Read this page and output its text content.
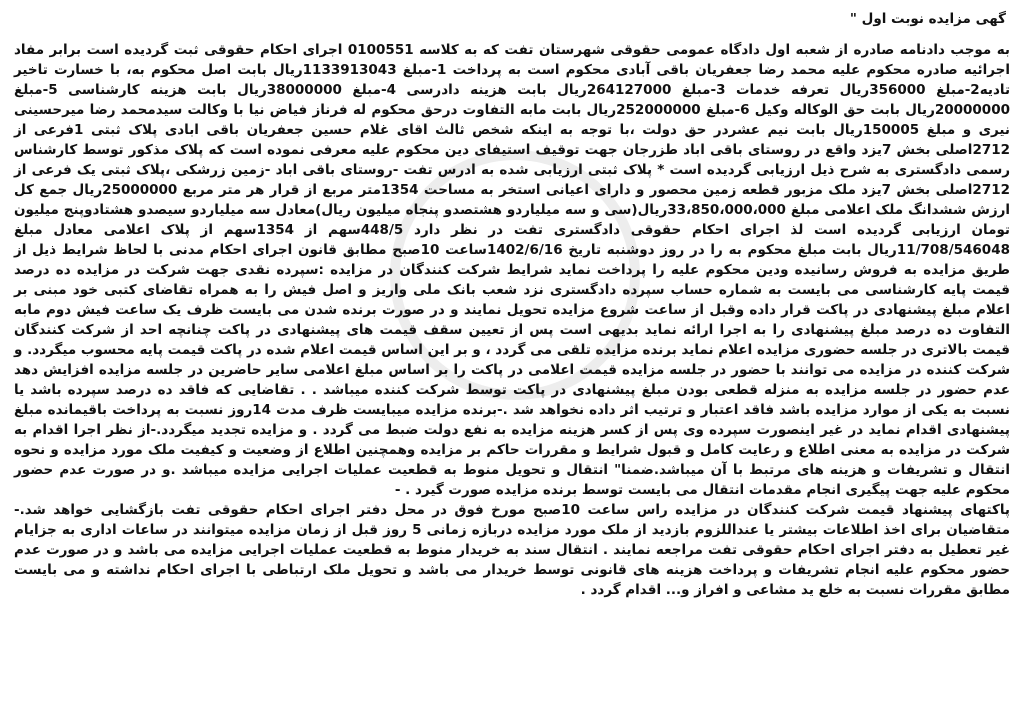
گهی مزایده نوبت اول "

به موجب دادنامه صادره از شعبه اول دادگاه عمومی حقوقی شهرستان تفت که به کلاسه 0100551 اجرای احکام حقوقی ثبت گردیده است برابر مفاد اجرائیه صادره محکوم علیه محمد رضا جعفریان باقی آبادی محکوم است به پرداخت 1-مبلغ 1133913043ریال بابت اصل محکوم به، با خسارت تاخیر تادیه2-مبلغ 356000ریال تعرفه خدمات 3-مبلغ 264127000ریال بابت هزینه دادرسی 4-مبلغ 38000000ریال بابت هزینه کارشناسی 5-مبلغ 20000000ریال بابت حق الوکاله وکیل 6-مبلغ 252000000ریال بابت مابه التفاوت درحق محکوم له فرناز فیاض نیا با وکالت سیدمحمد رضا میرحسینی نیری و مبلغ 150005ریال بابت نیم عشردر حق دولت ،با توجه به اینکه شخص ثالث اقای غلام حسین جعفریان باقی ابادی پلاک ثبتی 1فرعی از 2712اصلی بخش 7یزد واقع در روستای باقی اباد طزرجان جهت توقیف استیفای دین محکوم علیه معرفی نموده است که پلاک مذکور توسط کارشناس رسمی دادگستری به شرح ذیل ارزیابی گردیده است * پلاک ثبتی ارزیابی شده به ادرس تفت -روستای باقی اباد -زمین زرشکی ،پلاک ثبتی یک فرعی از 2712اصلی بخش 7یزد ملک مزبور قطعه زمین محصور و دارای اعیانی استخر به مساحت 1354متر مربع از قرار هر متر مربع 25000000ریال جمع کل ارزش ششدانگ ملک اعلامی مبلغ 33،850،000،000ریال(سی و سه میلیاردو هشتصدو پنجاه میلیون ریال)معادل سه میلیاردو سیصدو هشتادوپنج میلیون تومان ارزیابی گردیده است لذ اجرای احکام حقوقی دادگستری تفت در نظر دارد 448/5سهم از 1354سهم از پلاک اعلامی معادل مبلغ 11/708/546048ریال بابت مبلغ محکوم به را در روز دوشنبه تاریخ 1402/6/16ساعت 10صبح مطابق قانون اجرای احکام مدنی با لحاظ شرایط ذیل از طریق مزایده به فروش رسانیده ودین محکوم علیه را پرداخت نماید شرایط شرکت کنندگان در مزایده :سپرده نقدی جهت شرکت در مزایده ده درصد قیمت پایه کارشناسی می بایست به شماره حساب سپرده دادگستری نزد شعب بانک ملی واریز و اصل فیش را به همراه تقاضای کتبی خود مبنی بر اعلام مبلغ پیشنهادی در پاکت قرار داده وقبل از ساعت شروع مزایده تحویل نمایند و در صورت برنده شدن می بایست ظرف یک ساعت فیش دوم مابه التفاوت ده درصد مبلغ پیشنهادی را به اجرا ارائه نماید بدیهی است پس از تعیین سقف قیمت های پیشنهادی در پاکت چنانچه احد از شرکت کنندگان قیمت بالاتری در جلسه حضوری مزایده اعلام نماید برنده مزایده تلقی می گردد ، و بر این اساس قیمت اعلام شده در پاکت قیمت پایه محسوب میگردد. و شرکت کننده در مزایده می توانند با حضور در جلسه مزایده قیمت اعلامی در پاکت را بر اساس مبلغ اعلامی سایر حاضرین در جلسه مزایده افزایش دهد عدم حضور در جلسه مزایده به منزله قطعی بودن مبلغ پیشنهادی در پاکت توسط شرکت کننده میباشد . . تقاضایی که فاقد ده درصد سپرده باشد یا نسبت به یکی از موارد مزایده باشد فاقد اعتبار و ترتیب اثر داده نخواهد شد .-برنده مزایده میبایست ظرف مدت 14روز نسبت به پرداخت باقیمانده مبلغ پیشنهادی اقدام نماید در غیر اینصورت سپرده وی پس از کسر هزینه مزایده به نفع دولت ضبط می گردد . و مزایده تجدید میگردد.-از نظر اجرا اقدام به شرکت در مزایده به معنی اطلاع و رعایت کامل و قبول شرایط و مقررات حاکم بر مزایده وهمچنین اطلاع از وضعیت و کیفیت ملک مورد مزایده و نحوه انتقال و تشریفات و هزینه های مرتبط با آن میباشد.ضمنا" انتقال و تحویل منوط به قطعیت عملیات اجرایی مزایده میباشد .و در صورت عدم حضور محکوم علیه جهت پیگیری انجام مقدمات انتقال می بایست توسط برنده مزایده صورت گیرد . -

پاکتهای پیشنهاد قیمت شرکت کنندگان در مزایده راس ساعت 10صبح مورخ فوق در محل دفتر اجرای احکام حقوقی تفت بازگشایی خواهد شد.-متقاضیان برای اخذ اطلاعات بیشتر یا عنداللزوم بازدید از ملک مورد مزایده دربازه زمانی 5 روز قبل از زمان مزایده میتوانند در ساعات اداری به جزایام غیر تعطیل به دفتر اجرای احکام حقوقی تفت مراجعه نمایند . انتقال سند به خریدار منوط به قطعیت عملیات اجرایی مزایده می باشد و در صورت عدم حضور محکوم علیه انجام تشریفات و پرداخت هزینه های قانونی توسط خریدار می باشد و تحویل ملک ارتباطی با اجرای احکام نداشته و می بایست مطابق مقررات نسبت به خلع ید مشاعی و افراز و... اقدام گردد .
